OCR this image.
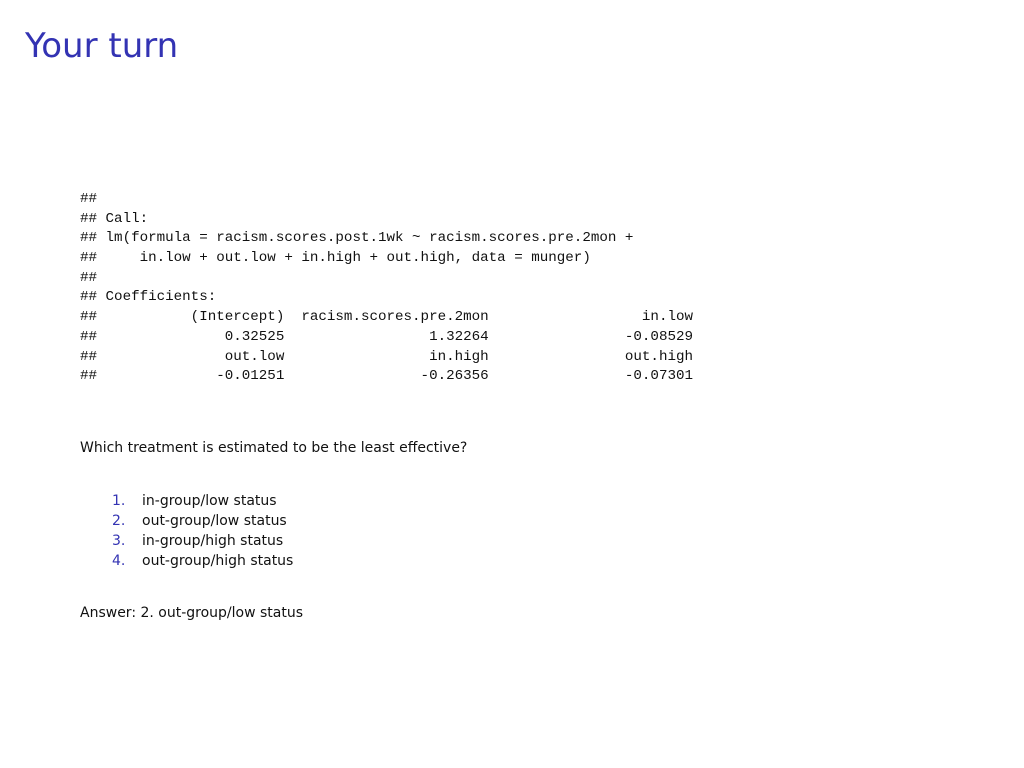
Your turn
##
## Call:
## lm(formula = racism.scores.post.1wk ~ racism.scores.pre.2mon +
##     in.low + out.low + in.high + out.high, data = munger)
##
## Coefficients:
##           (Intercept)  racism.scores.pre.2mon                  in.low
##               0.32525                 1.32264                -0.08529
##               out.low                 in.high                out.high
##              -0.01251                -0.26356                -0.07301

Which treatment is estimated to be the least effective?

1.	in-group/low status
2.	out-group/low status
3.	in-group/high status
4.	out-group/high status

Answer: 2. out-group/low status
